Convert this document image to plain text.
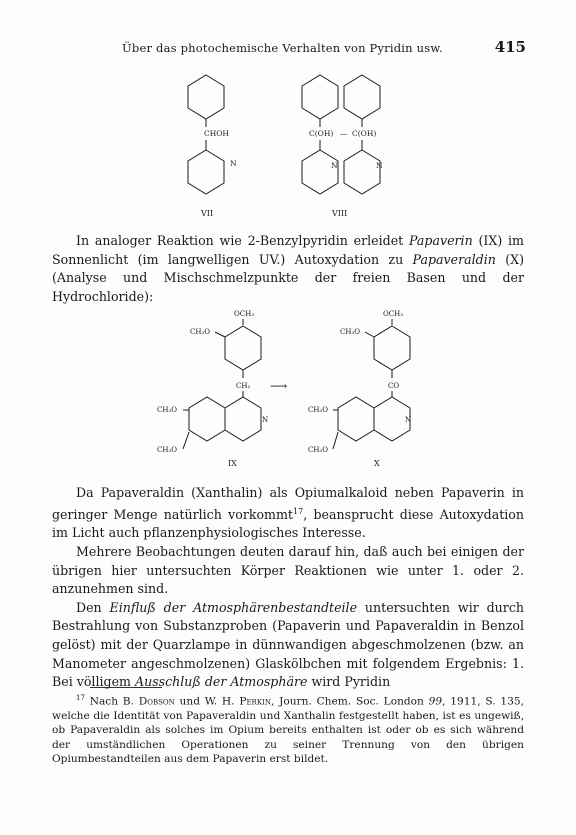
Über das photochemische Verhalten von Pyridin usw.	415
CHOH
N
VII
C(OH) — C(OH)
N	N
VIII

In analoger Reaktion wie 2-Benzylpyridin erleidet Papaverin (IX) im Sonnenlicht (im langwelligen UV.) Autoxydation zu Papaveraldin (X) (Analyse und Mischschmelzpunkte der freien Basen und der Hydrochloride):

OCH₃
CH₃O
CH₂
N
CH₃O
CH₃O
IX
⟶
OCH₃
CH₃O
CO
N
CH₃O
CH₃O
X

Da Papaveraldin (Xanthalin) als Opiumalkaloid neben Papaverin in geringer Menge natürlich vorkommt$^{17}$, beansprucht diese Autoxydation im Licht auch pflanzenphysiologisches Interesse.

Mehrere Beobachtungen deuten darauf hin, daß auch bei einigen der übrigen hier untersuchten Körper Reaktionen wie unter 1. oder 2. anzunehmen sind.

Den Einfluß der Atmosphärenbestandteile untersuchten wir durch Bestrahlung von Substanzproben (Papaverin und Papaveraldin in Benzol gelöst) mit der Quarzlampe in dünnwandigen abgeschmolzenen (bzw. an Manometer angeschmolzenen) Glaskölbchen mit folgendem Ergebnis: 1. Bei völligem Ausschluß der Atmosphäre wird Pyridin

$^{17}$ Nach B. Dobson und W. H. Perkin, Journ. Chem. Soc. London 99, 1911, S. 135, welche die Identität von Papaveraldin und Xanthalin festgestellt haben, ist es ungewiß, ob Papaveraldin als solches im Opium bereits enthalten ist oder ob es sich während der umständlichen Operationen zu seiner Trennung von den übrigen Opiumbestandteilen aus dem Papaverin erst bildet.
